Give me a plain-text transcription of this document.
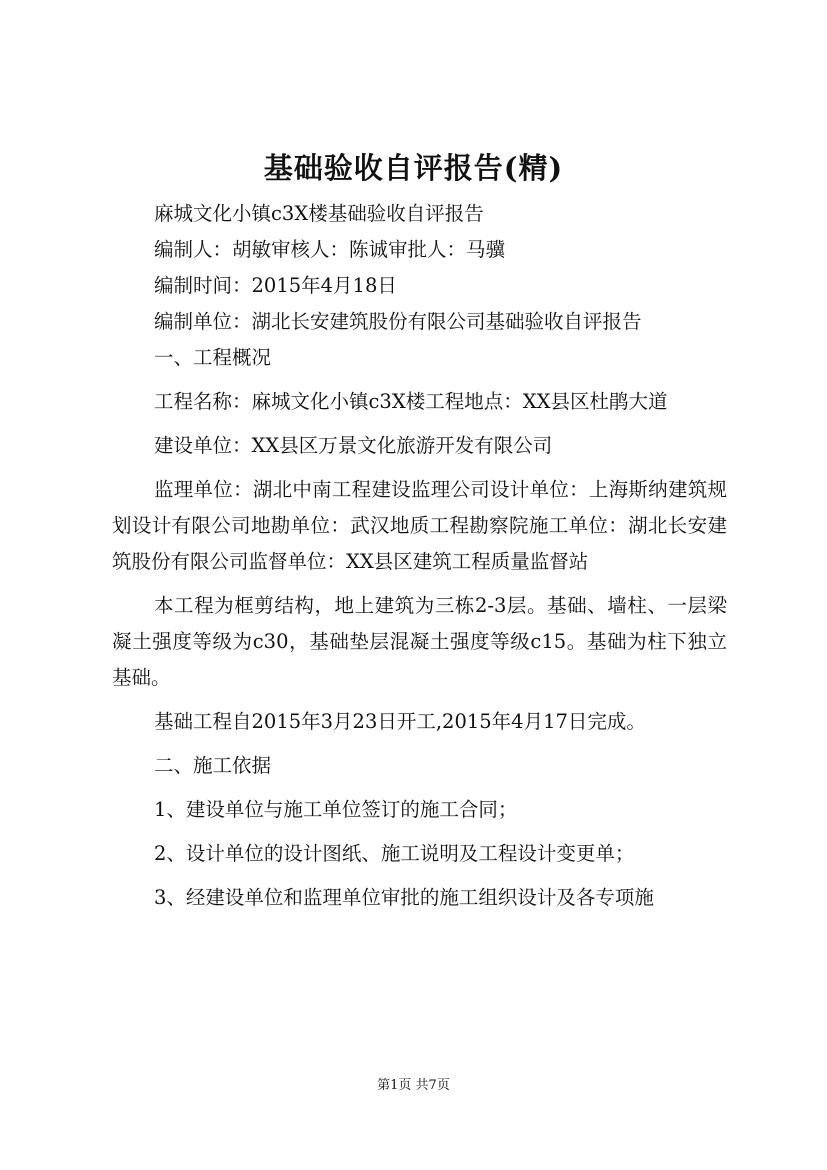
基础验收自评报告(精)

麻城文化小镇c3X楼基础验收自评报告

编制人：胡敏审核人：陈诚审批人：马骥

编制时间：2015年4月18日

编制单位：湖北长安建筑股份有限公司基础验收自评报告

一、工程概况

工程名称：麻城文化小镇c3X楼工程地点：XX县区杜鹃大道

建设单位：XX县区万景文化旅游开发有限公司

监理单位：湖北中南工程建设监理公司设计单位：上海斯纳建筑规划设计有限公司地勘单位：武汉地质工程勘察院施工单位：湖北长安建筑股份有限公司监督单位：XX县区建筑工程质量监督站

本工程为框剪结构，地上建筑为三栋2-3层。基础、墙柱、一层梁凝土强度等级为c30，基础垫层混凝土强度等级c15。基础为柱下独立基础。

基础工程自2015年3月23日开工,2015年4月17日完成。

二、施工依据

1、建设单位与施工单位签订的施工合同；

2、设计单位的设计图纸、施工说明及工程设计变更单；

3、经建设单位和监理单位审批的施工组织设计及各专项施

第1页 共7页
